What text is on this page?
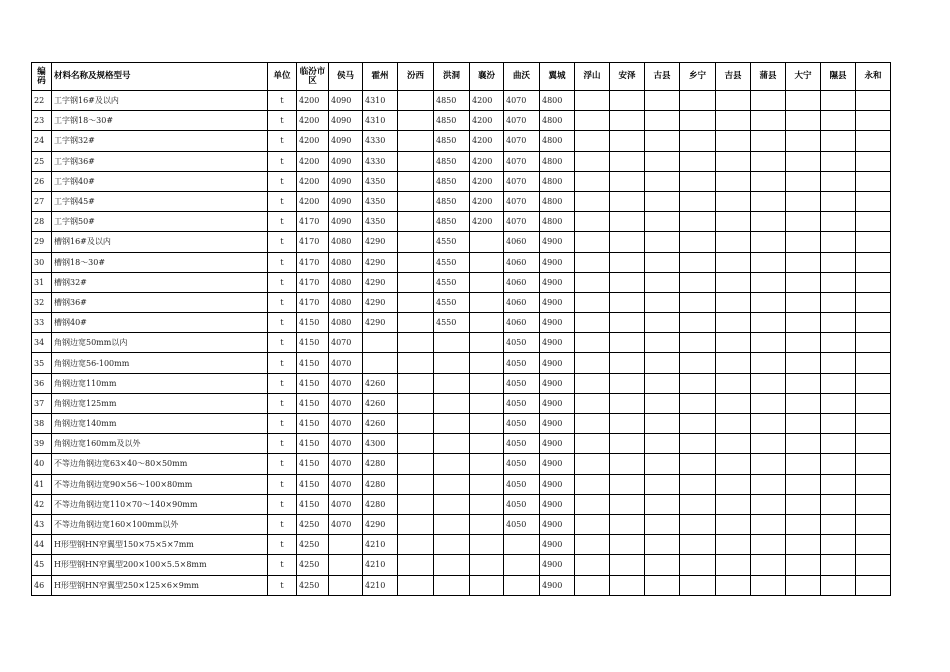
编码	材料名称及规格型号	单位	临汾市区	侯马	霍州	汾西	洪洞	襄汾	曲沃	翼城	浮山	安泽	古县	乡宁	吉县	蒲县	大宁	隰县	永和
22	工字钢16#及以内	t	4200	4090	4310		4850	4200	4070	4800									
23	工字钢18～30#	t	4200	4090	4310		4850	4200	4070	4800									
24	工字钢32#	t	4200	4090	4330		4850	4200	4070	4800									
25	工字钢36#	t	4200	4090	4330		4850	4200	4070	4800									
26	工字钢40#	t	4200	4090	4350		4850	4200	4070	4800									
27	工字钢45#	t	4200	4090	4350		4850	4200	4070	4800									
28	工字钢50#	t	4170	4090	4350		4850	4200	4070	4800									
29	槽钢16#及以内	t	4170	4080	4290		4550		4060	4900									
30	槽钢18～30#	t	4170	4080	4290		4550		4060	4900									
31	槽钢32#	t	4170	4080	4290		4550		4060	4900									
32	槽钢36#	t	4170	4080	4290		4550		4060	4900									
33	槽钢40#	t	4150	4080	4290		4550		4060	4900									
34	角钢边宽50mm以内	t	4150	4070					4050	4900									
35	角钢边宽56-100mm	t	4150	4070					4050	4900									
36	角钢边宽110mm	t	4150	4070	4260				4050	4900									
37	角钢边宽125mm	t	4150	4070	4260				4050	4900									
38	角钢边宽140mm	t	4150	4070	4260				4050	4900									
39	角钢边宽160mm及以外	t	4150	4070	4300				4050	4900									
40	不等边角钢边宽63×40～80×50mm	t	4150	4070	4280				4050	4900									
41	不等边角钢边宽90×56～100×80mm	t	4150	4070	4280				4050	4900									
42	不等边角钢边宽110×70～140×90mm	t	4150	4070	4280				4050	4900									
43	不等边角钢边宽160×100mm以外	t	4250	4070	4290				4050	4900									
44	H形型钢HN窄翼型150×75×5×7mm	t	4250		4210					4900									
45	H形型钢HN窄翼型200×100×5.5×8mm	t	4250		4210					4900									
46	H形型钢HN窄翼型250×125×6×9mm	t	4250		4210					4900									
